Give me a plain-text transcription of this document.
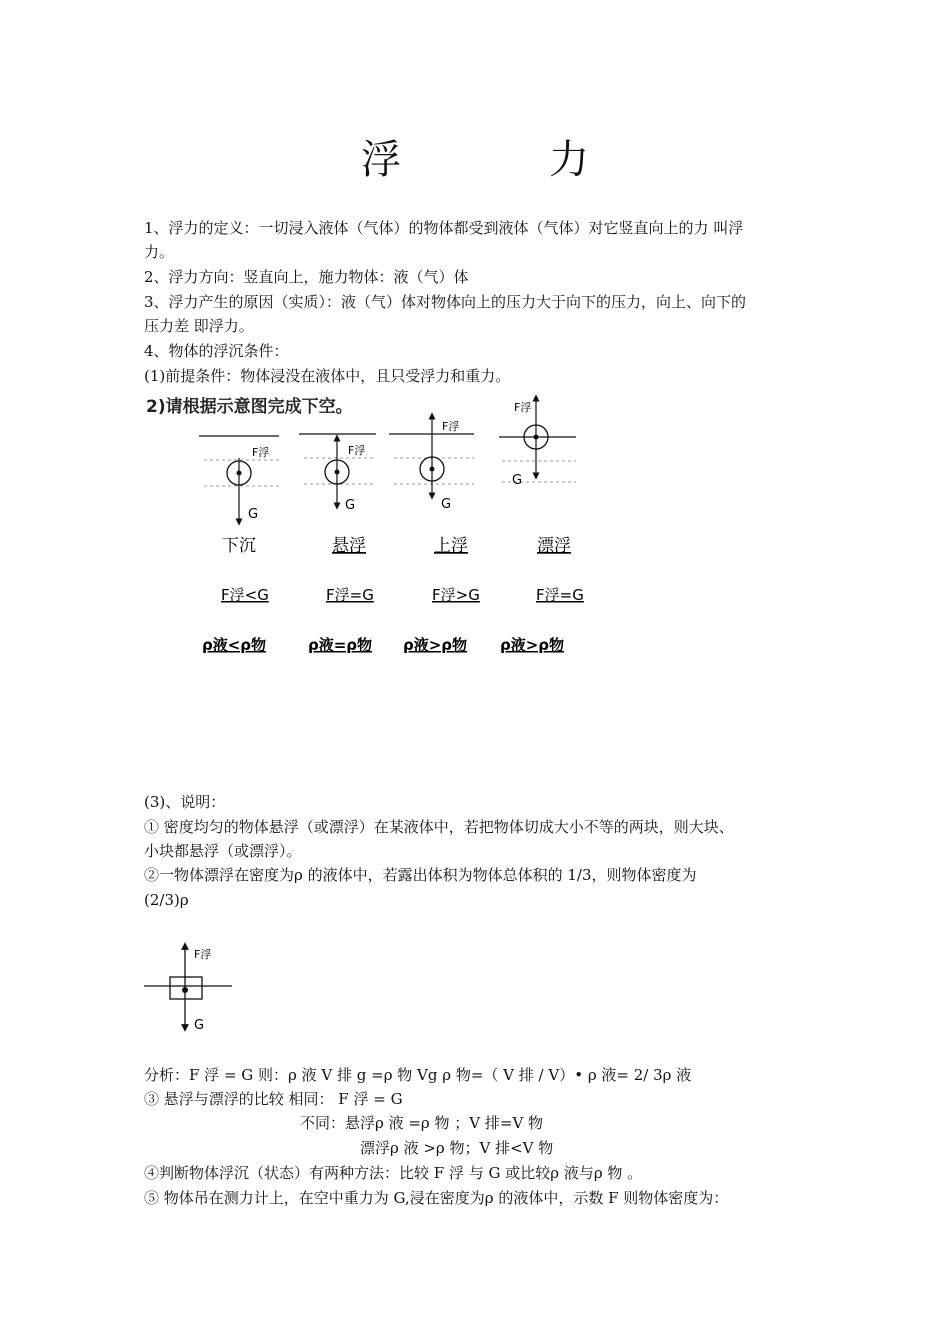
浮　力
1、浮力的定义：一切浸入液体（气体）的物体都受到液体（气体）对它竖直向上的力 叫浮
力。
2、浮力方向：竖直向上，施力物体：液（气）体
3、浮力产生的原因（实质）：液（气）体对物体向上的压力大于向下的压力，向上、向下的
压力差 即浮力。
4、物体的浮沉条件：
(1)前提条件：物体浸没在液体中，且只受浮力和重力。
2)请根据示意图完成下空。
F浮
G
F浮
G
F浮
G
F浮
G
下沉	悬浮	上浮	漂浮
F浮<G	F浮=G	F浮>G	F浮=G
ρ液<ρ物	ρ液=ρ物 ρ液>ρ物 ρ液>ρ物
(3)、说明：
① 密度均匀的物体悬浮（或漂浮）在某液体中，若把物体切成大小不等的两块，则大块、
小块都悬浮（或漂浮）。
②一物体漂浮在密度为ρ 的液体中，若露出体积为物体总体积的 1/3，则物体密度为
(2/3)ρ
F浮
G
分析：F 浮 = G 则：ρ 液 V 排 g =ρ 物 Vg ρ 物=（ V 排 / V）• ρ 液= 2/ 3ρ 液
③ 悬浮与漂浮的比较 相同： F 浮 = G
不同：悬浮ρ 液 =ρ 物 ；V 排=V 物
漂浮ρ 液 >ρ 物；V 排<V 物
④判断物体浮沉（状态）有两种方法：比较 F 浮 与 G 或比较ρ 液与ρ 物 。
⑤ 物体吊在测力计上，在空中重力为 G,浸在密度为ρ 的液体中，示数 F 则物体密度为：
